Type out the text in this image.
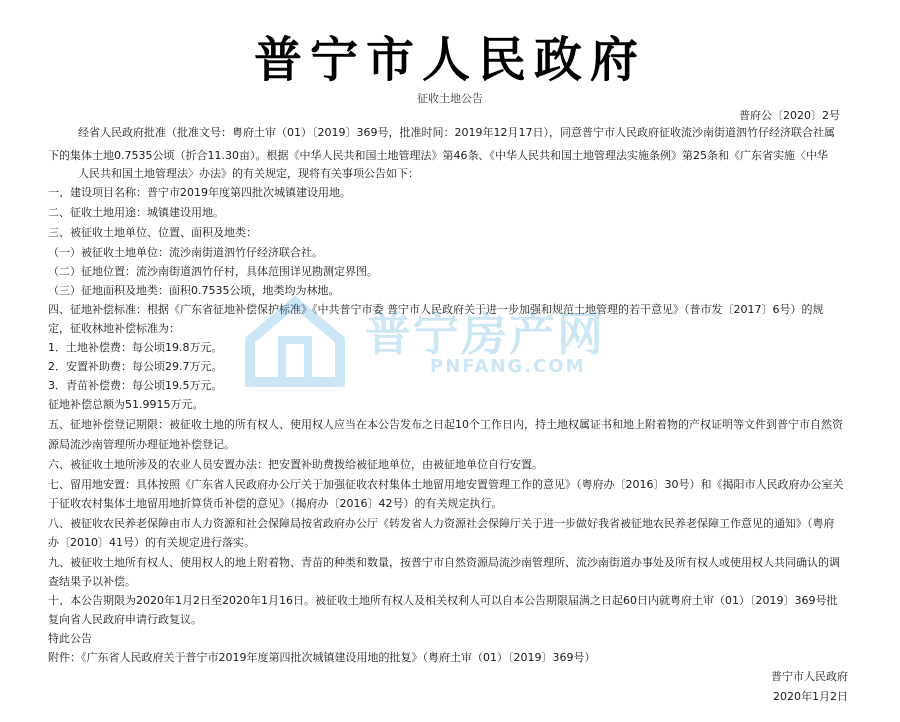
普宁市人民政府
征收土地公告
普府公〔2020〕2号
经省人民政府批准（批准文号：粤府土审（01）〔2019〕369号，批准时间：2019年12月17日），同意普宁市人民政府征收流沙南街道泗竹仔经济联合社属
下的集体土地0.7535公顷（折合11.30亩）。根据《中华人民共和国土地管理法》第46条、《中华人民共和国土地管理法实施条例》第25条和《广东省实施〈中华
人民共和国土地管理法〉办法》的有关规定，现将有关事项公告如下：
一、建设项目名称：普宁市2019年度第四批次城镇建设用地。
二、征收土地用途：城镇建设用地。
三、被征收土地单位、位置、面积及地类：
（一）被征收土地单位：流沙南街道泗竹仔经济联合社。
（二）征地位置：流沙南街道泗竹仔村，具体范围详见勘测定界图。
（三）征地面积及地类：面积0.7535公顷，地类均为林地。
四、征地补偿标准：根据《广东省征地补偿保护标准》《中共普宁市委 普宁市人民政府关于进一步加强和规范土地管理的若干意见》（普市发〔2017〕6号）的规
定，征收林地补偿标准为：
1．土地补偿费：每公顷19.8万元。
2．安置补助费：每公顷29.7万元。
3．青苗补偿费：每公顷19.5万元。
征地补偿总额为51.9915万元。
五、征地补偿登记期限：被征收土地的所有权人、使用权人应当在本公告发布之日起10个工作日内，持土地权属证书和地上附着物的产权证明等文件到普宁市自然资
源局流沙南管理所办理征地补偿登记。
六、被征收土地所涉及的农业人员安置办法：把安置补助费拨给被征地单位，由被征地单位自行安置。
七、留用地安置：具体按照《广东省人民政府办公厅关于加强征收农村集体土地留用地安置管理工作的意见》（粤府办〔2016〕30号）和《揭阳市人民政府办公室关
于征收农村集体土地留用地折算货币补偿的意见》（揭府办〔2016〕42号）的有关规定执行。
八、被征收农民养老保障由市人力资源和社会保障局按省政府办公厅《转发省人力资源社会保障厅关于进一步做好我省被征地农民养老保障工作意见的通知》（粤府
办〔2010〕41号）的有关规定进行落实。
九、被征收土地所有权人、使用权人的地上附着物、青苗的种类和数量，按普宁市自然资源局流沙南管理所、流沙南街道办事处及所有权人或使用权人共同确认的调
查结果予以补偿。
十、本公告期限为2020年1月2日至2020年1月16日。被征收土地所有权人及相关权利人可以自本公告期限届满之日起60日内就粤府土审（01）〔2019〕369号批
复向省人民政府申请行政复议。
特此公告
附件：《广东省人民政府关于普宁市2019年度第四批次城镇建设用地的批复》（粤府土审（01）〔2019〕369号）
普宁市人民政府
2020年1月2日
普宁房产网
PNFANG.COM
